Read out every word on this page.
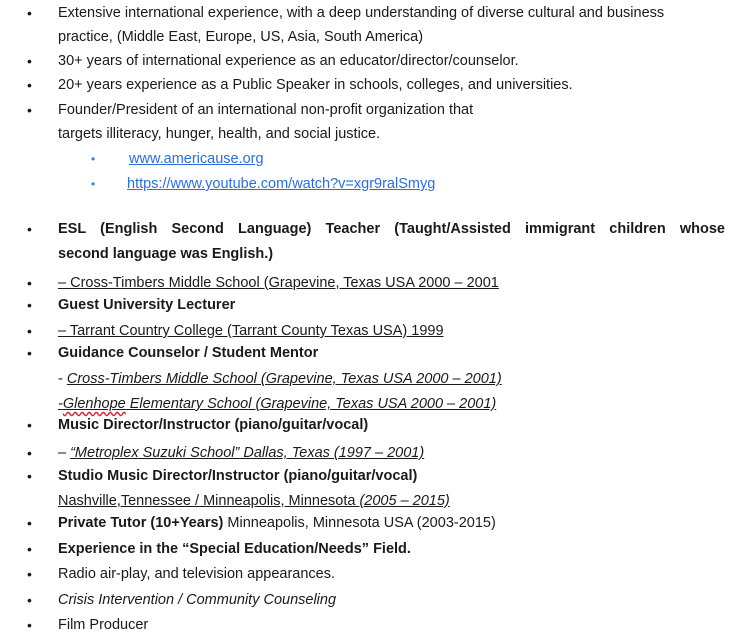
•
•
•
•
•
•
•
•
•
•
•
•
•
•
•
•
•
•
•
Extensive international experience, with a deep understanding of diverse cultural and business
practice, (Middle East, Europe, US, Asia, South America)
30+ years of international experience as an educator/director/counselor.
20+ years experience as a Public Speaker in schools, colleges, and universities.
Founder/President of an international non-profit organization that
targets illiteracy, hunger, health, and social justice.
www.americause.org
https://www.youtube.com/watch?v=xgr9ralSmyg
ESL (English Second Language) Teacher (Taught/Assisted immigrant children whose
second language was English.)
– Cross-Timbers Middle School (Grapevine, Texas USA 2000 – 2001
Guest University Lecturer
– Tarrant Country College (Tarrant County Texas USA) 1999
Guidance Counselor / Student Mentor
- Cross-Timbers Middle School (Grapevine, Texas USA 2000 – 2001)
-Glenhope Elementary School (Grapevine, Texas USA 2000 – 2001)
Music Director/Instructor (piano/guitar/vocal)
– “Metroplex Suzuki School” Dallas, Texas (1997 – 2001)
Studio Music Director/Instructor (piano/guitar/vocal)
Nashville,Tennessee / Minneapolis, Minnesota (2005 – 2015)
Private Tutor (10+Years) Minneapolis, Minnesota USA (2003-2015)
Experience in the “Special Education/Needs” Field.
Radio air-play, and television appearances.
Crisis Intervention / Community Counseling
Film Producer
